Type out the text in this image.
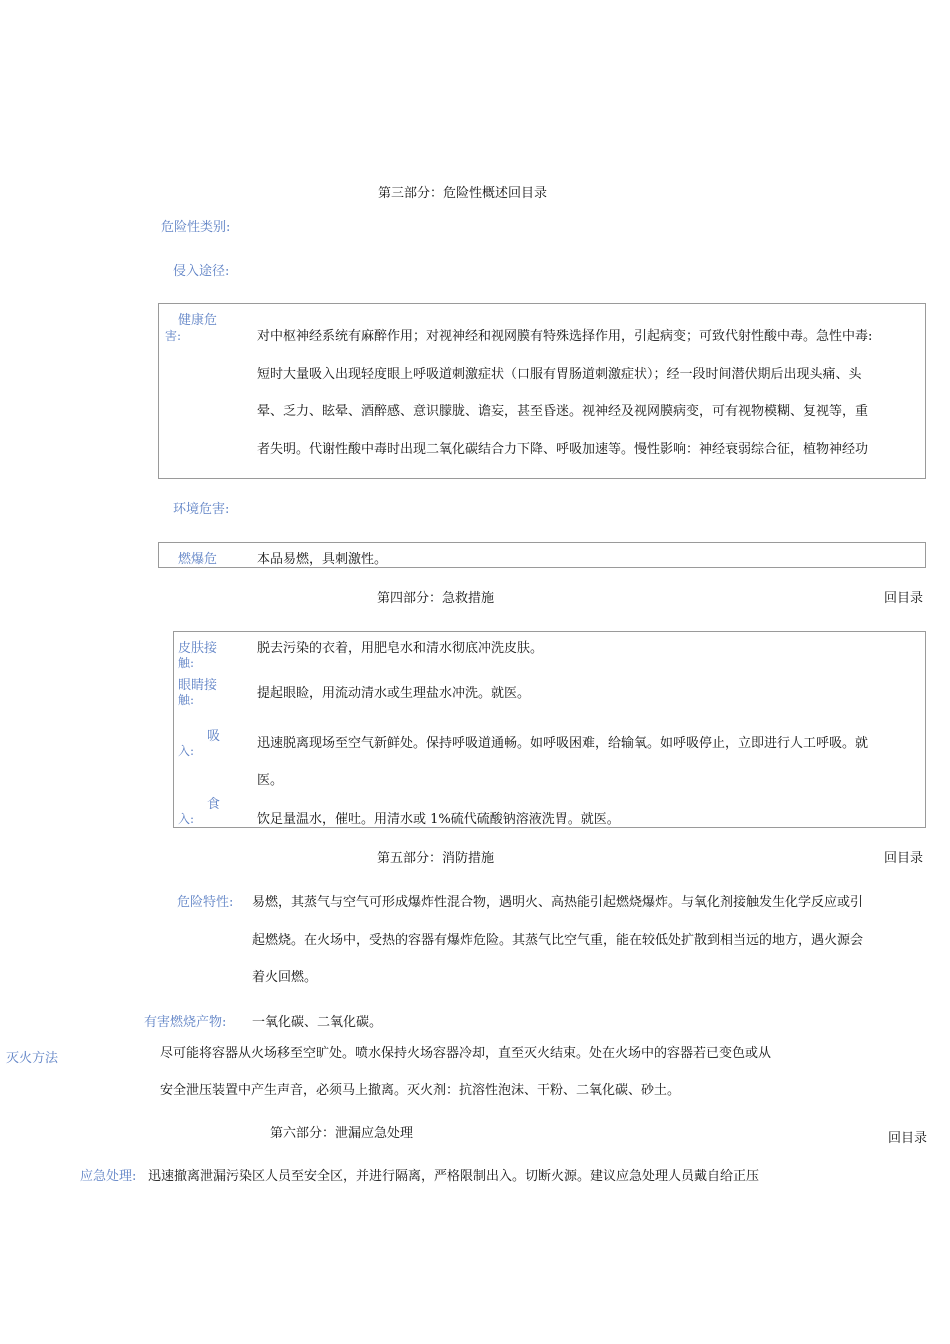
第三部分：危险性概述回目录
危险性类别:
侵入途径:
健康危
害:	对中枢神经系统有麻醉作用；对视神经和视网膜有特殊选择作用，引起病变；可致代射性酸中毒。急性中毒:
短时大量吸入出现轻度眼上呼吸道刺激症状（口服有胃肠道刺激症状）；经一段时间潜伏期后出现头痛、头
晕、乏力、眩晕、酒醉感、意识朦胧、谵妄，甚至昏迷。视神经及视网膜病变，可有视物模糊、复视等，重
者失明。代谢性酸中毒时出现二氧化碳结合力下降、呼吸加速等。慢性影响：神经衰弱综合征，植物神经功
环境危害:
燃爆危	本品易燃，具刺激性。
第四部分：急救措施	回目录
皮肤接
触:
脱去污染的衣着，用肥皂水和清水彻底冲洗皮肤。
眼睛接
触:	提起眼睑，用流动清水或生理盐水冲洗。就医。
吸
入:	迅速脱离现场至空气新鲜处。保持呼吸道通畅。如呼吸困难，给输氧。如呼吸停止，立即进行人工呼吸。就
医。
食
入:	饮足量温水，催吐。用清水或 1%硫代硫酸钠溶液洗胃。就医。
第五部分：消防措施	回目录
危险特性: 易燃，其蒸气与空气可形成爆炸性混合物，遇明火、高热能引起燃烧爆炸。与氧化剂接触发生化学反应或引
起燃烧。在火场中，受热的容器有爆炸危险。其蒸气比空气重，能在较低处扩散到相当远的地方，遇火源会
着火回燃。
有害燃烧产物: 一氧化碳、二氧化碳。
灭火方法	尽可能将容器从火场移至空旷处。喷水保持火场容器冷却，直至灭火结束。处在火场中的容器若已变色或从
安全泄压装置中产生声音，必须马上撤离。灭火剂：抗溶性泡沫、干粉、二氧化碳、砂土。
第六部分：泄漏应急处理	回目录
应急处理: 迅速撤离泄漏污染区人员至安全区，并进行隔离，严格限制出入。切断火源。建议应急处理人员戴自给正压
